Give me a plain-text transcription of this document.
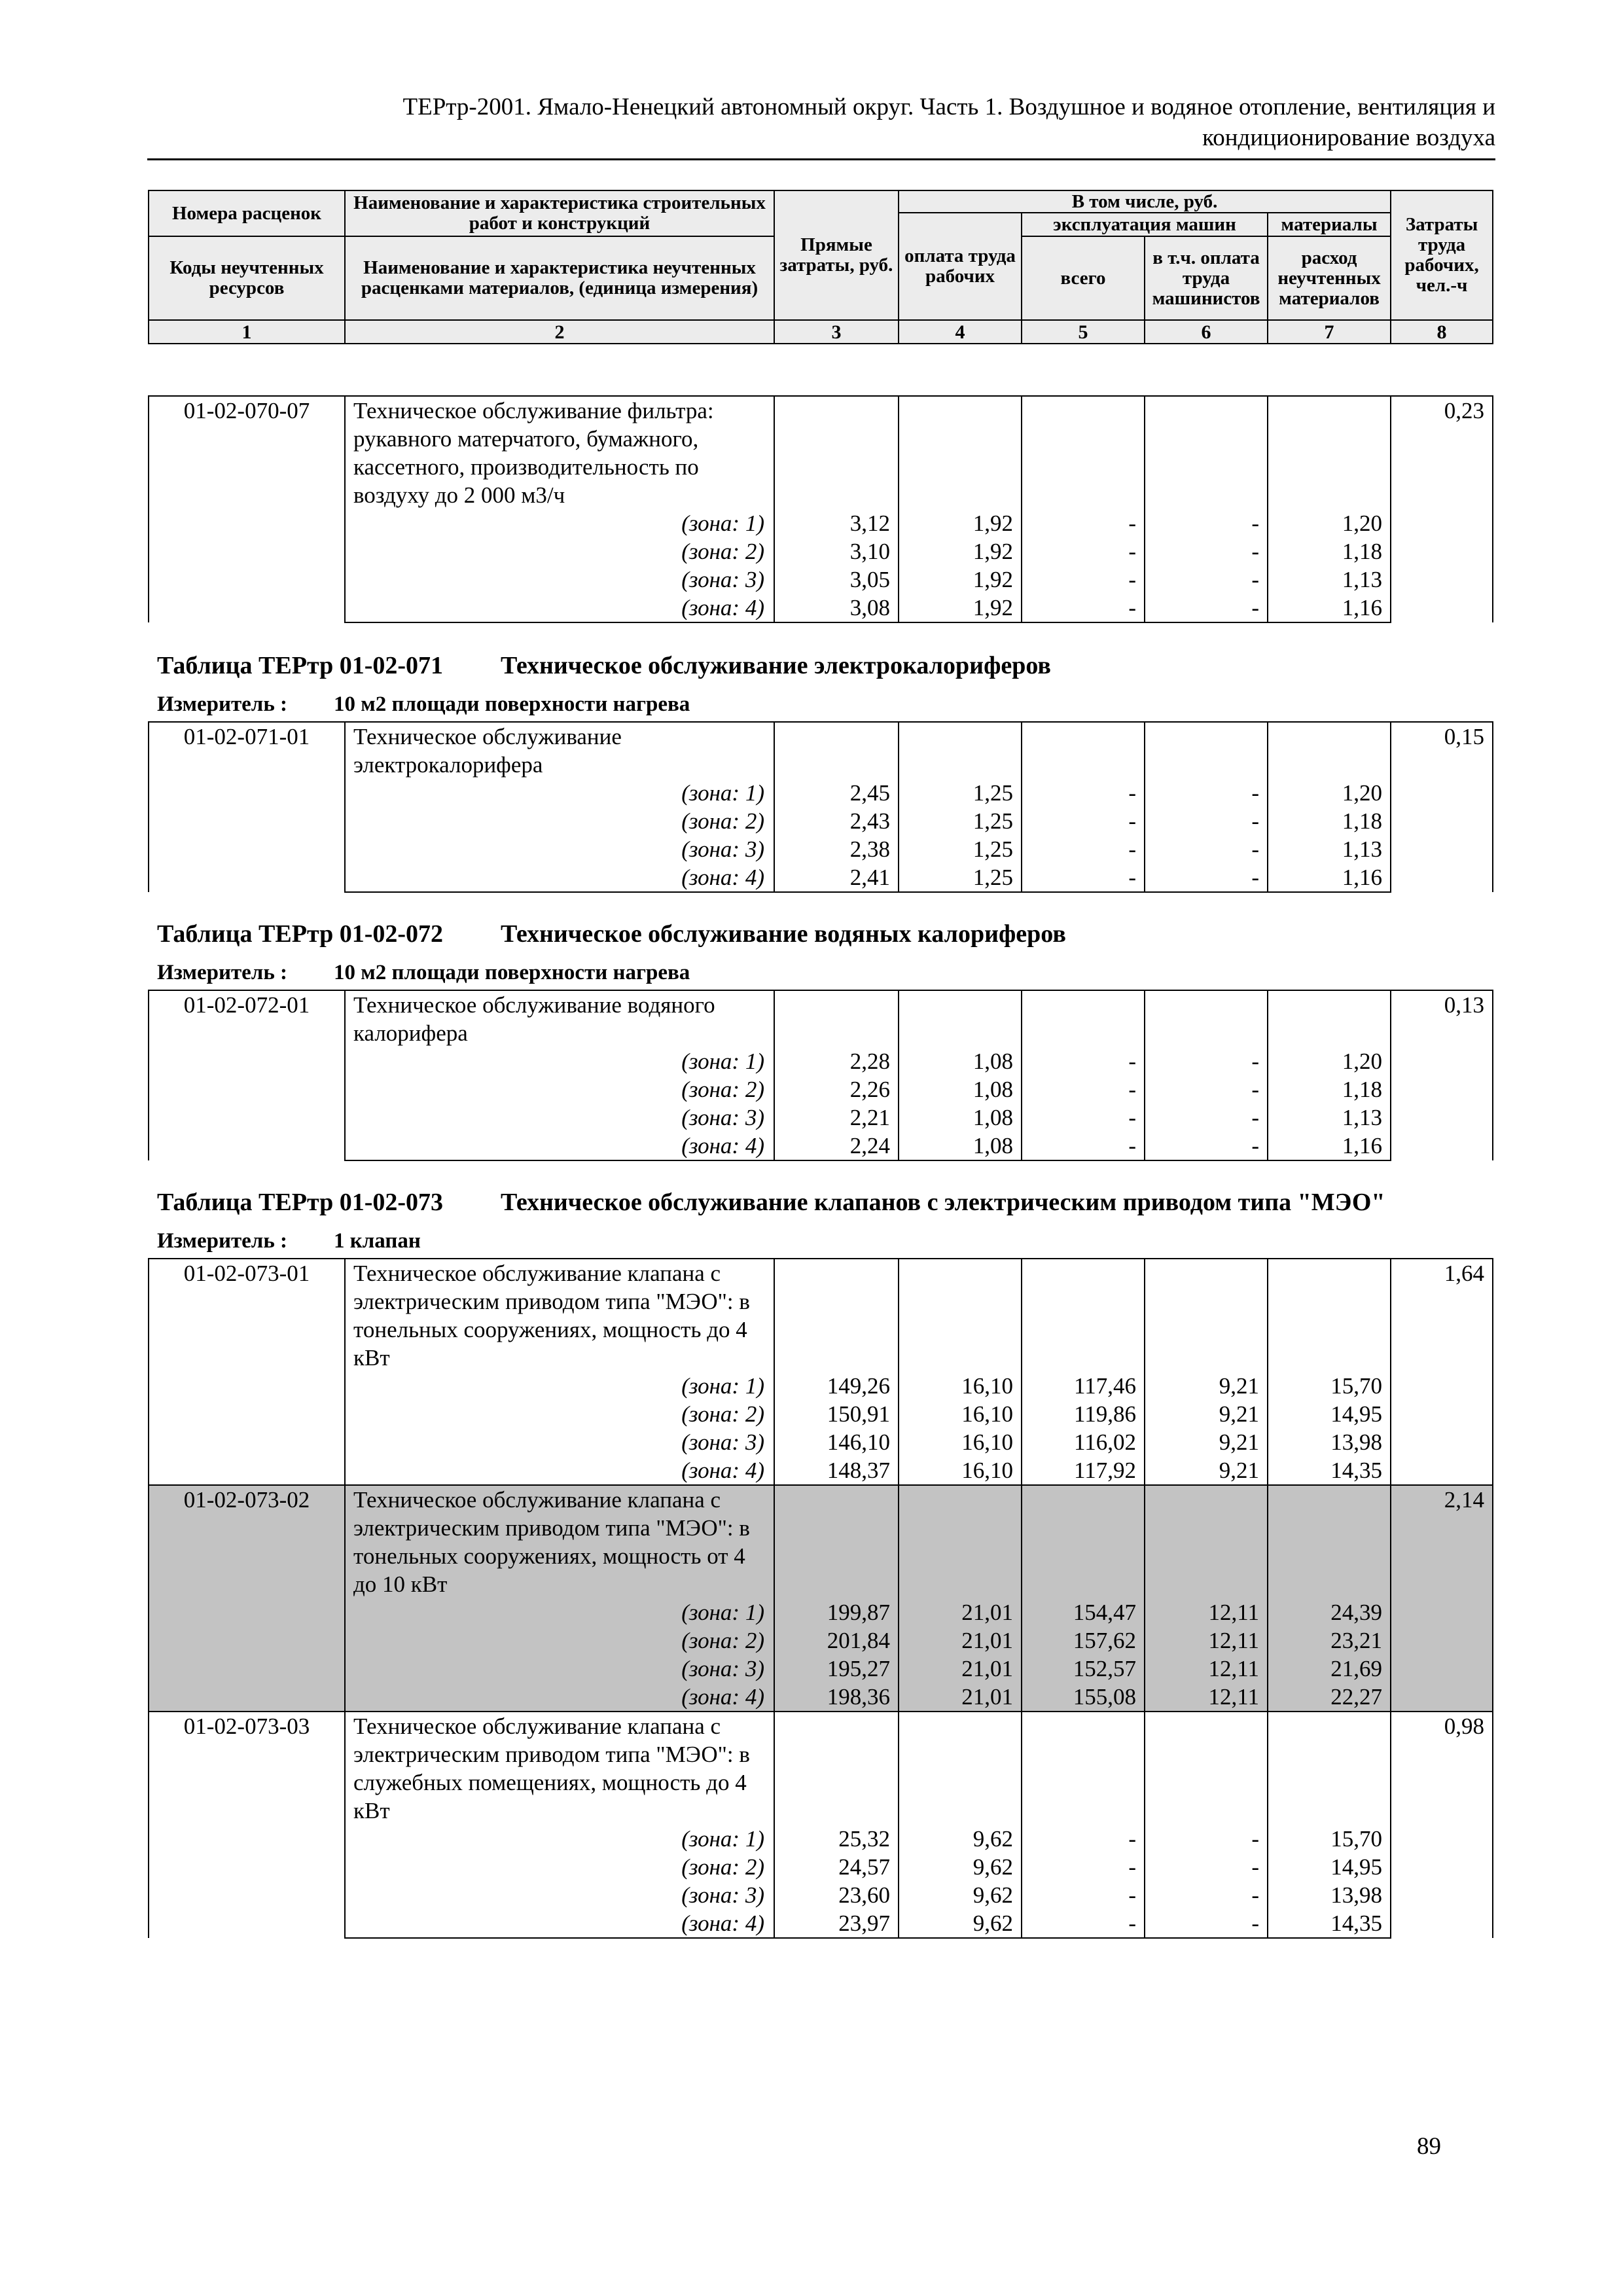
ТЕРтр-2001. Ямало-Ненецкий автономный округ. Часть 1. Воздушное и водяное отопление, вентиляция и
кондиционирование воздуха
Номера расценок	Наименование и характеристика строительных работ и конструкций	Прямые затраты, руб.	В том числе, руб.				Затраты труда рабочих, чел.-ч
			оплата труда рабочих	эксплуатация машин		материалы	
Коды неучтенных ресурсов	Наименование и характеристика неучтенных расценками материалов, (единица измерения)			всего	в т.ч. оплата труда машинистов	расход неучтенных материалов	

1	2	3	4	5	6	7	8
01-02-070-07	Техническое обслуживание фильтра: рукавного матерчатого, бумажного, кассетного, производительность по воздуху до 2 000 м3/ч						0,23
	(зона: 1)	3,12	1,92	-	-	1,20	
	(зона: 2)	3,10	1,92	-	-	1,18	
	(зона: 3)	3,05	1,92	-	-	1,13	
	(зона: 4)	3,08	1,92	-	-	1,16	
Таблица ТЕРтр 01-02-071 Техническое обслуживание электрокалориферов
Измеритель : 10 м2 площади поверхности нагрева
01-02-071-01	Техническое обслуживание электрокалорифера						0,15
	(зона: 1)	2,45	1,25	-	-	1,20	
	(зона: 2)	2,43	1,25	-	-	1,18	
	(зона: 3)	2,38	1,25	-	-	1,13	
	(зона: 4)	2,41	1,25	-	-	1,16	
Таблица ТЕРтр 01-02-072 Техническое обслуживание водяных калориферов
Измеритель : 10 м2 площади поверхности нагрева
01-02-072-01	Техническое обслуживание водяного калорифера						0,13
	(зона: 1)	2,28	1,08	-	-	1,20	
	(зона: 2)	2,26	1,08	-	-	1,18	
	(зона: 3)	2,21	1,08	-	-	1,13	
	(зона: 4)	2,24	1,08	-	-	1,16	
Таблица ТЕРтр 01-02-073 Техническое обслуживание клапанов с электрическим приводом типа "МЭО"
Измеритель : 1 клапан
01-02-073-01	Техническое обслуживание клапана с электрическим приводом типа "МЭО": в тонельных сооружениях, мощность до 4 кВт						1,64
	(зона: 1)	149,26	16,10	117,46	9,21	15,70	
	(зона: 2)	150,91	16,10	119,86	9,21	14,95	
	(зона: 3)	146,10	16,10	116,02	9,21	13,98	
	(зона: 4)	148,37	16,10	117,92	9,21	14,35	
01-02-073-02	Техническое обслуживание клапана с электрическим приводом типа "МЭО": в тонельных сооружениях, мощность от 4 до 10 кВт						2,14
	(зона: 1)	199,87	21,01	154,47	12,11	24,39	
	(зона: 2)	201,84	21,01	157,62	12,11	23,21	
	(зона: 3)	195,27	21,01	152,57	12,11	21,69	
	(зона: 4)	198,36	21,01	155,08	12,11	22,27	
01-02-073-03	Техническое обслуживание клапана с электрическим приводом типа "МЭО": в служебных помещениях, мощность до 4 кВт						0,98
	(зона: 1)	25,32	9,62	-	-	15,70	
	(зона: 2)	24,57	9,62	-	-	14,95	
	(зона: 3)	23,60	9,62	-	-	13,98	
	(зона: 4)	23,97	9,62	-	-	14,35	
89
